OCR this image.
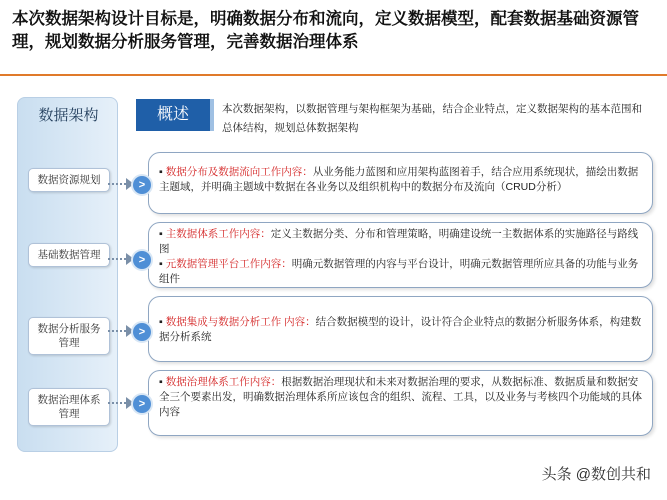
本次数据架构设计目标是，明确数据分布和流向，定义数据模型，配套数据基础资源管理，规划数据分析服务管理，完善数据治理体系
数据架构
数据资源规划
基础数据管理
数据分析服务管理
数据治理体系管理
概述	本次数据架构，以数据管理与架构框架为基础，结合企业特点，定义数据架构的基本范围和总体结构，规划总体数据架构
▪ 数据分布及数据流向工作内容：从业务能力蓝图和应用架构蓝图着手，结合应用系统现状，描绘出数据主题域，并明确主题域中数据在各业务以及组织机构中的数据分布及流向（CRUD分析）
>
▪ 主数据体系工作内容：定义主数据分类、分布和管理策略，明确建设统一主数据体系的实施路径与路线图
▪ 元数据管理平台工作内容：明确元数据管理的内容与平台设计，明确元数据管理所应具备的功能与业务组件
>
▪ 数据集成与数据分析工作 内容：结合数据模型的设计，设计符合企业特点的数据分析服务体系，构建数据分析系统
>
▪ 数据治理体系工作内容：根据数据治理现状和未来对数据治理的要求，从数据标准、数据质量和数据安全三个要素出发，明确数据治理体系所应该包含的组织、流程、工具，以及业务与考核四个功能域的具体内容
>
头条 @数创共和
